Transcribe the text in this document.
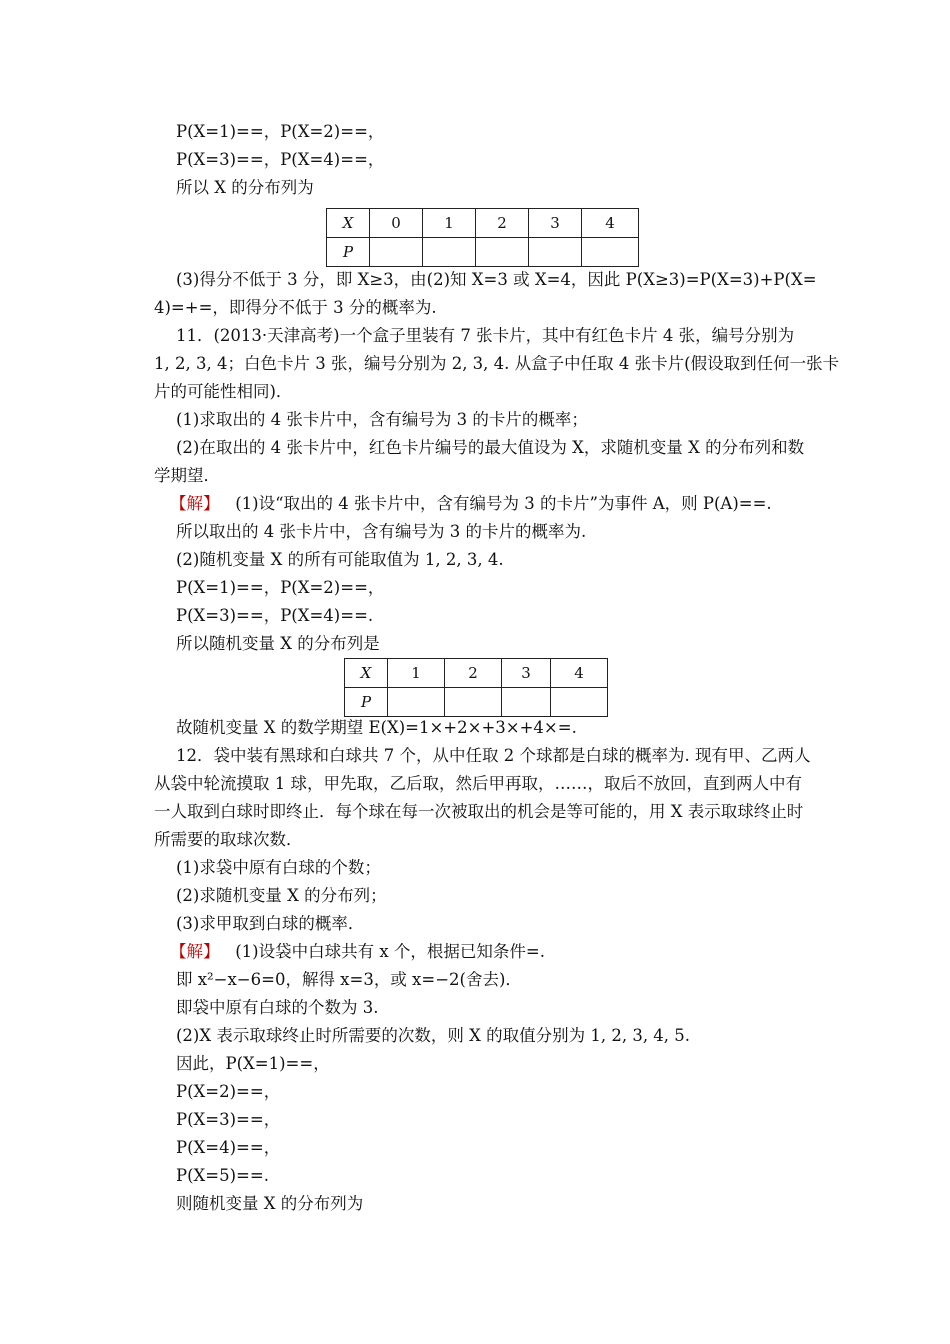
P(X=1)==，P(X=2)==，
P(X=3)==，P(X=4)==，
所以 X 的分布列为
X	0	1	2	3	4
P					
(3)得分不低于 3 分，即 X≥3，由(2)知 X=3 或 X=4，因此 P(X≥3)=P(X=3)+P(X=
4)=+=，即得分不低于 3 分的概率为.
11．(2013·天津高考)一个盒子里装有 7 张卡片，其中有红色卡片 4 张，编号分别为
1, 2, 3, 4；白色卡片 3 张，编号分别为 2, 3, 4. 从盒子中任取 4 张卡片(假设取到任何一张卡
片的可能性相同)．
(1)求取出的 4 张卡片中，含有编号为 3 的卡片的概率；
(2)在取出的 4 张卡片中，红色卡片编号的最大值设为 X，求随机变量 X 的分布列和数
学期望．
【解】 (1)设“取出的 4 张卡片中，含有编号为 3 的卡片”为事件 A，则 P(A)==.
所以取出的 4 张卡片中，含有编号为 3 的卡片的概率为.
(2)随机变量 X 的所有可能取值为 1, 2, 3, 4.
P(X=1)==，P(X=2)==，
P(X=3)==，P(X=4)==.
所以随机变量 X 的分布列是
X	1	2	3	4
P				
故随机变量 X 的数学期望 E(X)=1×+2×+3×+4×=.
12．袋中装有黑球和白球共 7 个，从中任取 2 个球都是白球的概率为. 现有甲、乙两人
从袋中轮流摸取 1 球，甲先取，乙后取，然后甲再取，……，取后不放回，直到两人中有
一人取到白球时即终止．每个球在每一次被取出的机会是等可能的，用 X 表示取球终止时
所需要的取球次数．
(1)求袋中原有白球的个数；
(2)求随机变量 X 的分布列；
(3)求甲取到白球的概率．
【解】 (1)设袋中白球共有 x 个，根据已知条件=.
即 x²−x−6=0，解得 x=3，或 x=−2(舍去)．
即袋中原有白球的个数为 3.
(2)X 表示取球终止时所需要的次数，则 X 的取值分别为 1, 2, 3, 4, 5.
因此，P(X=1)==，
P(X=2)==，
P(X=3)==，
P(X=4)==，
P(X=5)==.
则随机变量 X 的分布列为
